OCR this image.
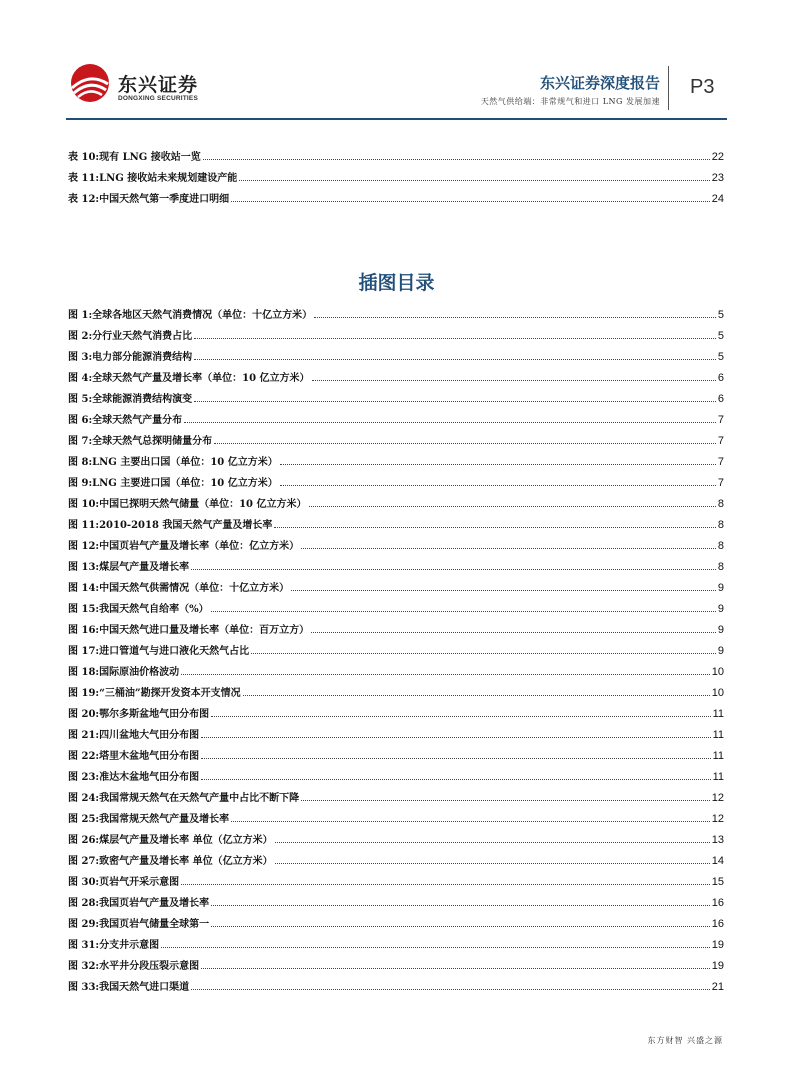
东兴证券
DONGXING SECURITIES
东兴证券深度报告
天然气供给端：非常规气和进口 LNG 发展加速
P3
表 10:现有 LNG 接收站一览	22
表 11:LNG 接收站未来规划建设产能	23
表 12:中国天然气第一季度进口明细	24
插图目录
图 1:全球各地区天然气消费情况（单位：十亿立方米）	5
图 2:分行业天然气消费占比	5
图 3:电力部分能源消费结构	5
图 4:全球天然气产量及增长率（单位：10 亿立方米）	6
图 5:全球能源消费结构演变	6
图 6:全球天然气产量分布	7
图 7:全球天然气总探明储量分布	7
图 8:LNG 主要出口国（单位：10 亿立方米）	7
图 9:LNG 主要进口国（单位：10 亿立方米）	7
图 10:中国已探明天然气储量（单位：10 亿立方米）	8
图 11:2010-2018 我国天然气产量及增长率	8
图 12:中国页岩气产量及增长率（单位：亿立方米）	8
图 13:煤层气产量及增长率	8
图 14:中国天然气供需情况（单位：十亿立方米）	9
图 15:我国天然气自给率（%）	9
图 16:中国天然气进口量及增长率（单位：百万立方）	9
图 17:进口管道气与进口液化天然气占比	9
图 18:国际原油价格波动	10
图 19:“三桶油”勘探开发资本开支情况	10
图 20:鄂尔多斯盆地气田分布图	11
图 21:四川盆地大气田分布图	11
图 22:塔里木盆地气田分布图	11
图 23:准达木盆地气田分布图	11
图 24:我国常规天然气在天然气产量中占比不断下降	12
图 25:我国常规天然气产量及增长率	12
图 26:煤层气产量及增长率 单位（亿立方米）	13
图 27:致密气产量及增长率 单位（亿立方米）	14
图 30:页岩气开采示意图	15
图 28:我国页岩气产量及增长率	16
图 29:我国页岩气储量全球第一	16
图 31:分支井示意图	19
图 32:水平井分段压裂示意图	19
图 33:我国天然气进口渠道	21
东方财智 兴盛之源
